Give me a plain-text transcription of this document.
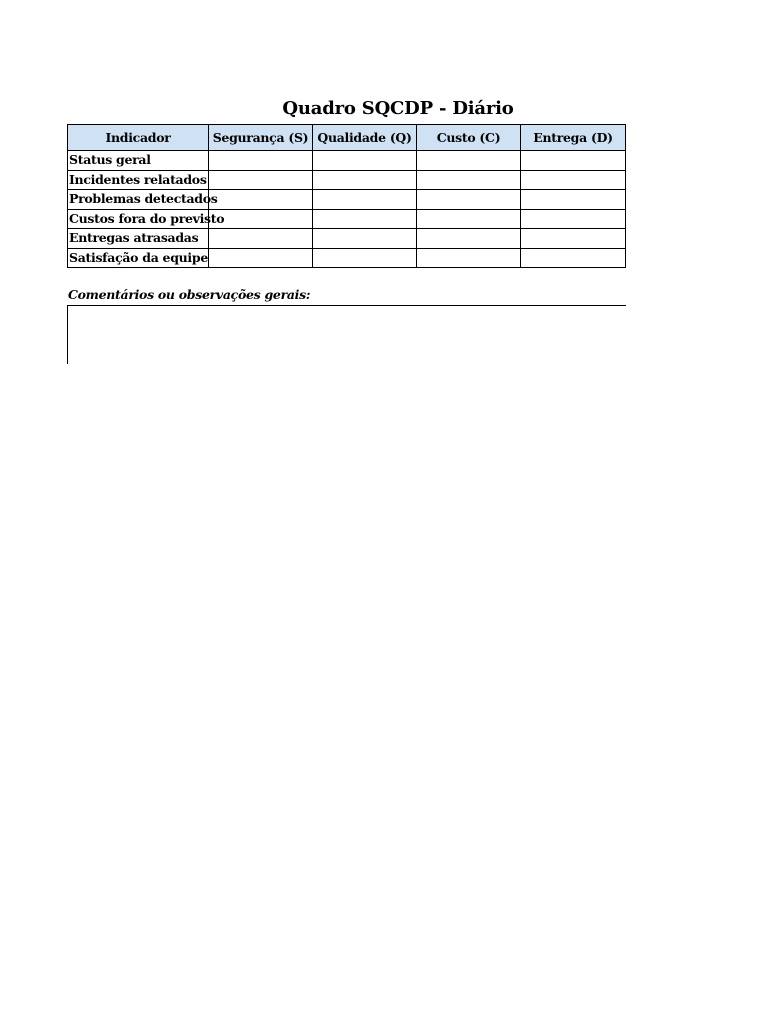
Quadro SQCDP - Diário
Indicador	Segurança (S)	Qualidade (Q)	Custo (C)	Entrega (D)
Status geral				
Incidentes relatados				
Problemas detectados				
Custos fora do previsto				
Entregas atrasadas				
Satisfação da equipe				
Comentários ou observações gerais:
